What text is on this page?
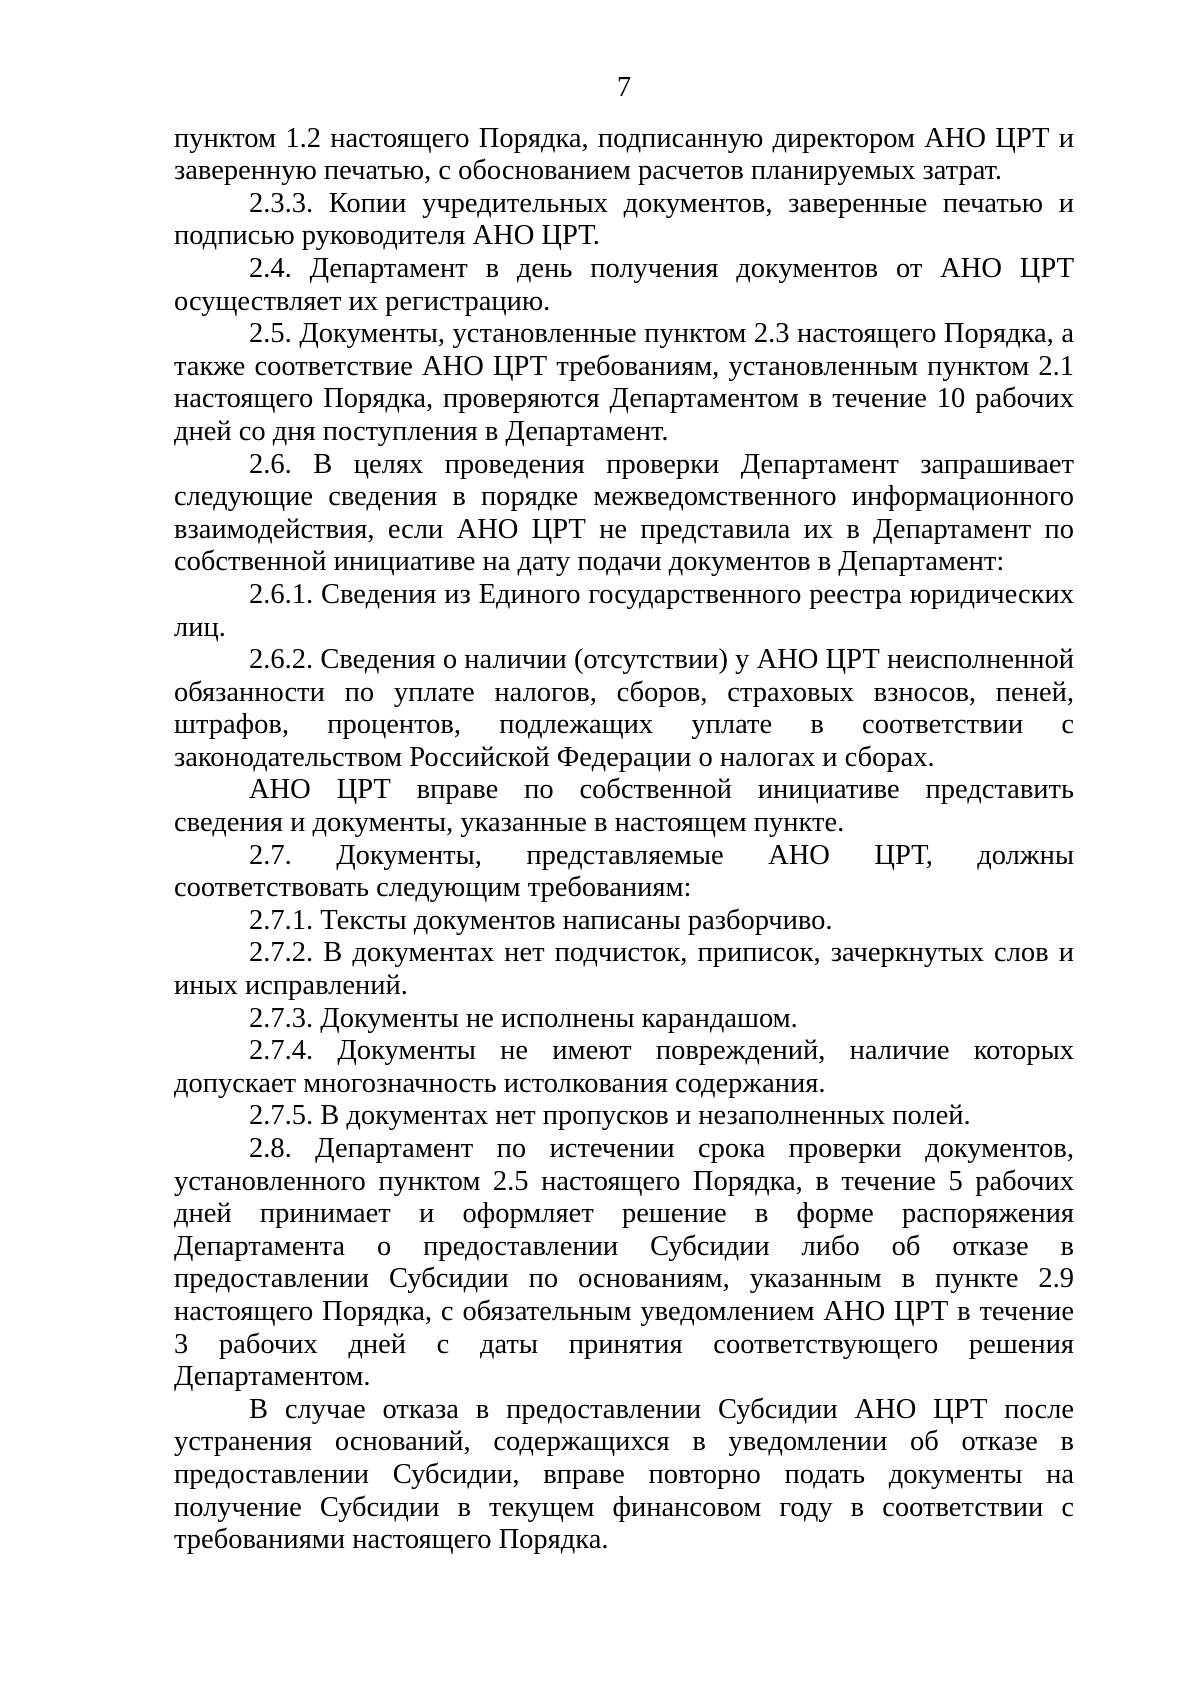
7

пунктом 1.2 настоящего Порядка, подписанную директором АНО ЦРТ и заверенную печатью, с обоснованием расчетов планируемых затрат.

2.3.3. Копии учредительных документов, заверенные печатью и подписью руководителя АНО ЦРТ.

2.4. Департамент в день получения документов от АНО ЦРТ осуществляет их регистрацию.

2.5. Документы, установленные пунктом 2.3 настоящего Порядка, а также соответствие АНО ЦРТ требованиям, установленным пунктом 2.1 настоящего Порядка, проверяются Департаментом в течение 10 рабочих дней со дня поступления в Департамент.

2.6. В целях проведения проверки Департамент запрашивает следующие сведения в порядке межведомственного информационного взаимодействия, если АНО ЦРТ не представила их в Департамент по собственной инициативе на дату подачи документов в Департамент:

2.6.1. Сведения из Единого государственного реестра юридических лиц.

2.6.2. Сведения о наличии (отсутствии) у АНО ЦРТ неисполненной обязанности по уплате налогов, сборов, страховых взносов, пеней, штрафов, процентов, подлежащих уплате в соответствии с законодательством Российской Федерации о налогах и сборах.

АНО ЦРТ вправе по собственной инициативе представить сведения и документы, указанные в настоящем пункте.

2.7. Документы, представляемые АНО ЦРТ, должны соответствовать следующим требованиям:

2.7.1. Тексты документов написаны разборчиво.

2.7.2. В документах нет подчисток, приписок, зачеркнутых слов и иных исправлений.

2.7.3. Документы не исполнены карандашом.

2.7.4. Документы не имеют повреждений, наличие которых допускает многозначность истолкования содержания.

2.7.5. В документах нет пропусков и незаполненных полей.

2.8. Департамент по истечении срока проверки документов, установленного пунктом 2.5 настоящего Порядка, в течение 5 рабочих дней принимает и оформляет решение в форме распоряжения Департамента о предоставлении Субсидии либо об отказе в предоставлении Субсидии по основаниям, указанным в пункте 2.9 настоящего Порядка, с обязательным уведомлением АНО ЦРТ в течение 3 рабочих дней с даты принятия соответствующего решения Департаментом.

В случае отказа в предоставлении Субсидии АНО ЦРТ после устранения оснований, содержащихся в уведомлении об отказе в предоставлении Субсидии, вправе повторно подать документы на получение Субсидии в текущем финансовом году в соответствии с требованиями настоящего Порядка.
